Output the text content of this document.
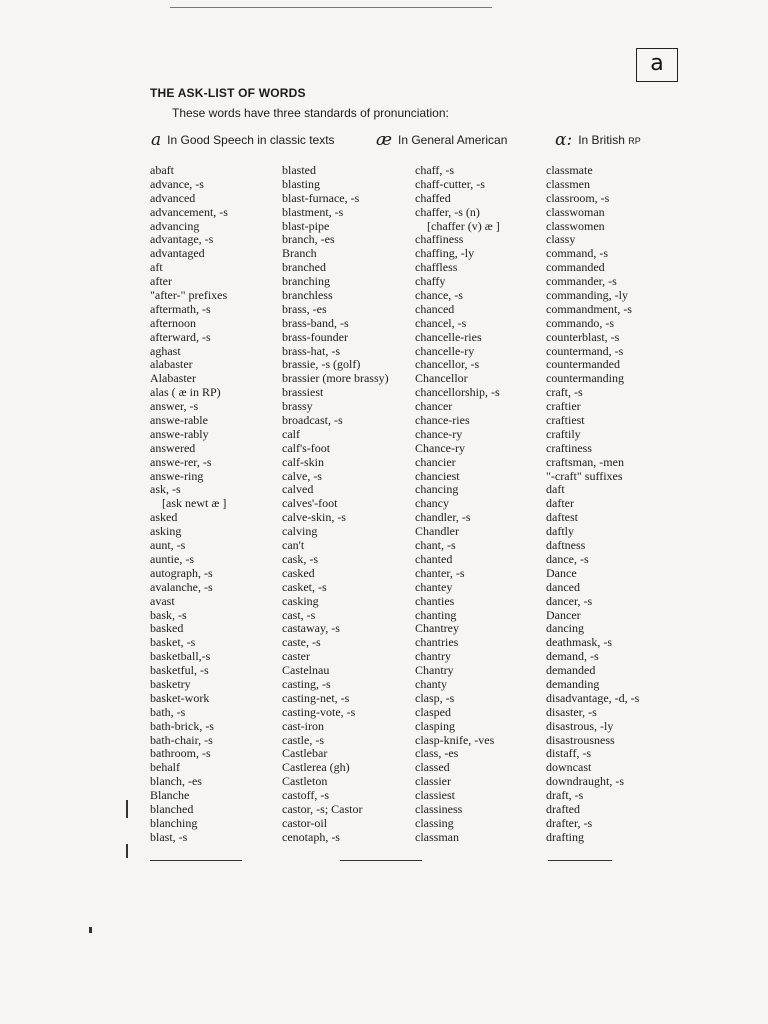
a
THE ASK-LIST OF WORDS
These words have three standards of pronunciation:
a In Good Speech in classic texts æ In General American	ɑ: In British RP
abaft
advance, -s
advanced
advancement, -s
advancing
advantage, -s
advantaged
aft
after
"after-" prefixes
aftermath, -s
afternoon
afterward, -s
aghast
alabaster
Alabaster
alas ( æ in RP)
answer, -s
answe-rable
answe-rably
answered
answe-rer, -s
answe-ring
ask, -s
[ask newt æ ]
asked
asking
aunt, -s
auntie, -s
autograph, -s
avalanche, -s
avast
bask, -s
basked
basket, -s
basketball,-s
basketful, -s
basketry
basket-work
bath, -s
bath-brick, -s
bath-chair, -s
bathroom, -s
behalf
blanch, -es
Blanche
blanched
blanching
blast, -s
blasted
blasting
blast-furnace, -s
blastment, -s
blast-pipe
branch, -es
Branch
branched
branching
branchless
brass, -es
brass-band, -s
brass-founder
brass-hat, -s
brassie, -s (golf)
brassier (more brassy)
brassiest
brassy
broadcast, -s
calf
calf's-foot
calf-skin
calve, -s
calved
calves'-foot
calve-skin, -s
calving
can't
cask, -s
casked
casket, -s
casking
cast, -s
castaway, -s
caste, -s
caster
Castelnau
casting, -s
casting-net, -s
casting-vote, -s
cast-iron
castle, -s
Castlebar
Castlerea (gh)
Castleton
castoff, -s
castor, -s; Castor
castor-oil
cenotaph, -s
chaff, -s
chaff-cutter, -s
chaffed
chaffer, -s (n)
[chaffer (v) æ ]
chaffiness
chaffing, -ly
chaffless
chaffy
chance, -s
chanced
chancel, -s
chancelle-ries
chancelle-ry
chancellor, -s
Chancellor
chancellorship, -s
chancer
chance-ries
chance-ry
Chance-ry
chancier
chanciest
chancing
chancy
chandler, -s
Chandler
chant, -s
chanted
chanter, -s
chantey
chanties
chanting
Chantrey
chantries
chantry
Chantry
chanty
clasp, -s
clasped
clasping
clasp-knife, -ves
class, -es
classed
classier
classiest
classiness
classing
classman
classmate
classmen
classroom, -s
classwoman
classwomen
classy
command, -s
commanded
commander, -s
commanding, -ly
commandment, -s
commando, -s
counterblast, -s
countermand, -s
countermanded
countermanding
craft, -s
craftier
craftiest
craftily
craftiness
craftsman, -men
"-craft" suffixes
daft
dafter
daftest
daftly
daftness
dance, -s
Dance
danced
dancer, -s
Dancer
dancing
deathmask, -s
demand, -s
demanded
demanding
disadvantage, -d, -s
disaster, -s
disastrous, -ly
disastrousness
distaff, -s
downcast
downdraught, -s
draft, -s
drafted
drafter, -s
drafting
